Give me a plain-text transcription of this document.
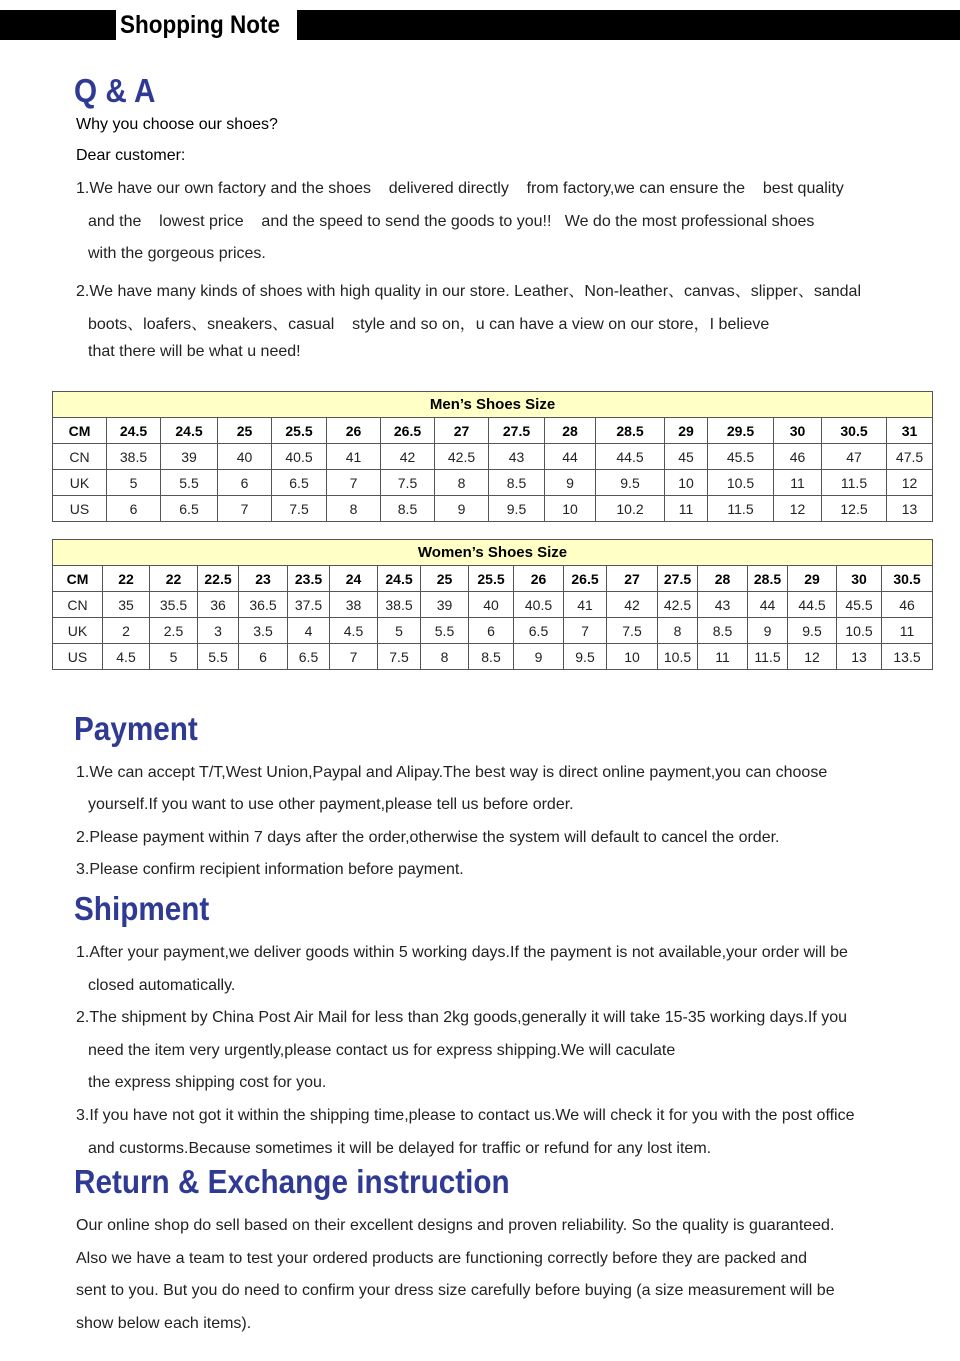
Shopping Note
Q & A
Why you choose our shoes?
Dear customer:
1.We have our own factory and the shoes    delivered directly    from factory,we can ensure the    best quality
and the    lowest price    and the speed to send the goods to you!!   We do the most professional shoes
with the gorgeous prices.
2.We have many kinds of shoes with high quality in our store. Leather、Non-leather、canvas、slipper、sandal
boots、loafers、sneakers、casual    style and so on，u can have a view on our store，I believe
that there will be what u need!
Men’s Shoes Size															
CM	24.5	24.5	25	25.5	26	26.5	27	27.5	28	28.5	29	29.5	30	30.5	31
CN	38.5	39	40	40.5	41	42	42.5	43	44	44.5	45	45.5	46	47	47.5
UK	5	5.5	6	6.5	7	7.5	8	8.5	9	9.5	10	10.5	11	11.5	12
US	6	6.5	7	7.5	8	8.5	9	9.5	10	10.2	11	11.5	12	12.5	13
Women’s Shoes Size																		
CM	22	22	22.5	23	23.5	24	24.5	25	25.5	26	26.5	27	27.5	28	28.5	29	30	30.5
CN	35	35.5	36	36.5	37.5	38	38.5	39	40	40.5	41	42	42.5	43	44	44.5	45.5	46
UK	2	2.5	3	3.5	4	4.5	5	5.5	6	6.5	7	7.5	8	8.5	9	9.5	10.5	11
US	4.5	5	5.5	6	6.5	7	7.5	8	8.5	9	9.5	10	10.5	11	11.5	12	13	13.5
Payment
1.We can accept T/T,West Union,Paypal and Alipay.The best way is direct online payment,you can choose
yourself.If you want to use other payment,please tell us before order.
2.Please payment within 7 days after the order,otherwise the system will default to cancel the order.
3.Please confirm recipient information before payment.
Shipment
1.After your payment,we deliver goods within 5 working days.If the payment is not available,your order will be
closed automatically.
2.The shipment by China Post Air Mail for less than 2kg goods,generally it will take 15-35 working days.If you
need the item very urgently,please contact us for express shipping.We will caculate
the express shipping cost for you.
3.If you have not got it within the shipping time,please to contact us.We will check it for you with the post office
and custorms.Because sometimes it will be delayed for traffic or refund for any lost item.
Return & Exchange instruction
Our online shop do sell based on their excellent designs and proven reliability. So the quality is guaranteed.
Also we have a team to test your ordered products are functioning correctly before they are packed and
sent to you. But you do need to confirm your dress size carefully before buying (a size measurement will be
show below each items).
